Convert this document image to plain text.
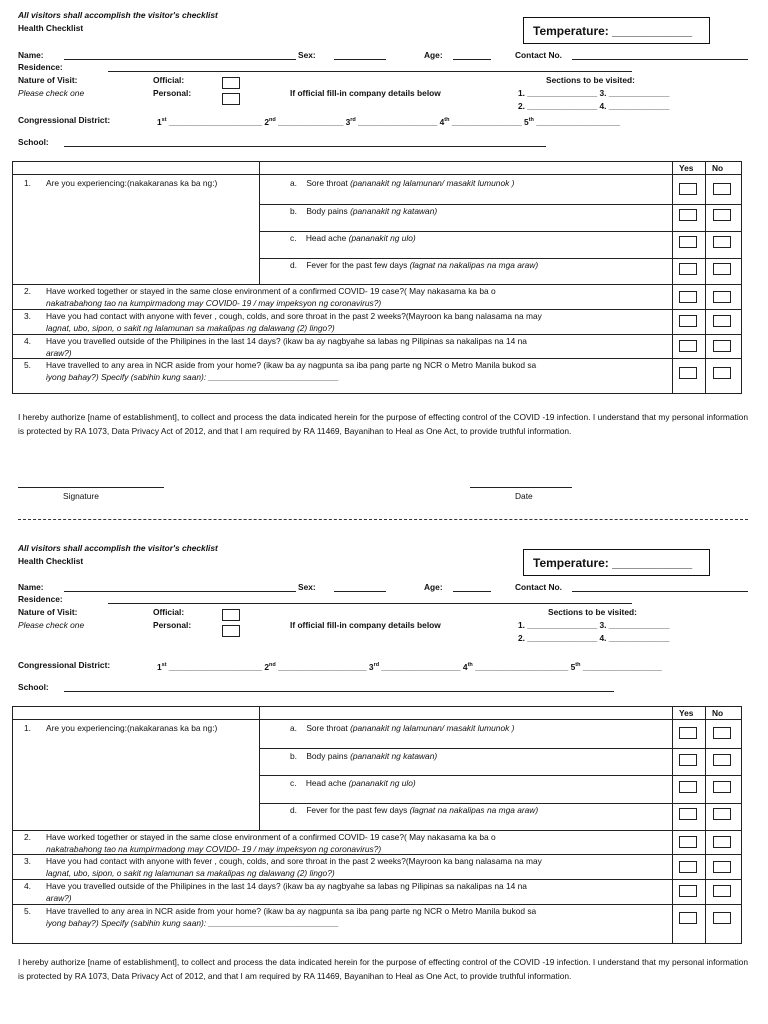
All visitors shall accomplish the visitor's checklist
Health Checklist	Temperature: ____________
Name:	Sex:	Age:	Contact No.
Residence:
Nature of Visit:
Please check one
Official:
Personal:	If official fill-in company details below
Sections to be visited:
1. _______________ 3. _____________
2. _______________ 4. _____________
Congressional District:	1st ____________________ 2nd ______________ 3rd _________________ 4th _______________ 5th __________________
School:
Yes No
1. Are you experiencing:(nakakaranas ka ba ng:)	a. Sore throat (pananakit ng lalamunan/ masakit lumunok )
b. Body pains (pananakit ng katawan)
c. Head ache (pananakit ng ulo)
d. Fever for the past few days (lagnat na nakalipas na mga araw)
2. Have worked together or stayed in the same close environment of a confirmed COVID- 19 case?( May nakasama ka ba o
nakatrabahong tao na kumpirmadong may COVID0- 19 / may impeksyon ng coronavirus?)
3. Have you had contact with anyone with fever , cough, colds, and sore throat in the past 2 weeks?(Mayroon ka bang nalasama na may
lagnat, ubo, sipon, o sakit ng lalamunan sa makalipas ng dalawang (2) lingo?)
4. Have you travelled outside of the Philipines in the last 14 days? (ikaw ba ay nagbyahe sa labas ng Pilipinas sa nakalipas na 14 na
araw?)
5. Have travelled to any area in NCR aside from your home? (ikaw ba ay nagpunta sa iba pang parte ng NCR o Metro Manila bukod sa
iyong bahay?) Specify (sabihin kung saan): ____________________________
I hereby authorize [name of establishment], to collect and process the data indicated herein for the purpose of effecting control of the COVID -19 infection. I understand that my personal information is protected by RA 1073, Data Privacy Act of 2012, and that I am required by RA 11469, Bayanihan to Heal as One Act, to provide truthful information.
Signature	Date
All visitors shall accomplish the visitor's checklist
Health Checklist	Temperature: ____________
Name:	Sex:	Age:	Contact No.
Residence:
Nature of Visit:
Please check one
Official:
Personal:	If official fill-in company details below
Sections to be visited:
1. _______________ 3. _____________
2. _______________ 4. _____________
Congressional District:	1st ____________________ 2nd ___________________ 3rd _________________ 4th ____________________ 5th _________________
School:
Yes No
1. Are you experiencing:(nakakaranas ka ba ng:)	a. Sore throat (pananakit ng lalamunan/ masakit lumunok )
b. Body pains (pananakit ng katawan)
c. Head ache (pananakit ng ulo)
d. Fever for the past few days (lagnat na nakalipas na mga araw)
2. Have worked together or stayed in the same close environment of a confirmed COVID- 19 case?( May nakasama ka ba o
nakatrabahong tao na kumpirmadong may COVID0- 19 / may impeksyon ng coronavirus?)
3. Have you had contact with anyone with fever , cough, colds, and sore throat in the past 2 weeks?(Mayroon ka bang nalasama na may
lagnat, ubo, sipon, o sakit ng lalamunan sa makalipas ng dalawang (2) lingo?)
4. Have you travelled outside of the Philipines in the last 14 days? (ikaw ba ay nagbyahe sa labas ng Pilipinas sa nakalipas na 14 na
araw?)
5. Have travelled to any area in NCR aside from your home? (ikaw ba ay nagpunta sa iba pang parte ng NCR o Metro Manila bukod sa
iyong bahay?) Specify (sabihin kung saan): ____________________________
I hereby authorize [name of establishment], to collect and process the data indicated herein for the purpose of effecting control of the COVID -19 infection. I understand that my personal information is protected by RA 1073, Data Privacy Act of 2012, and that I am required by RA 11469, Bayanihan to Heal as One Act, to provide truthful information.
